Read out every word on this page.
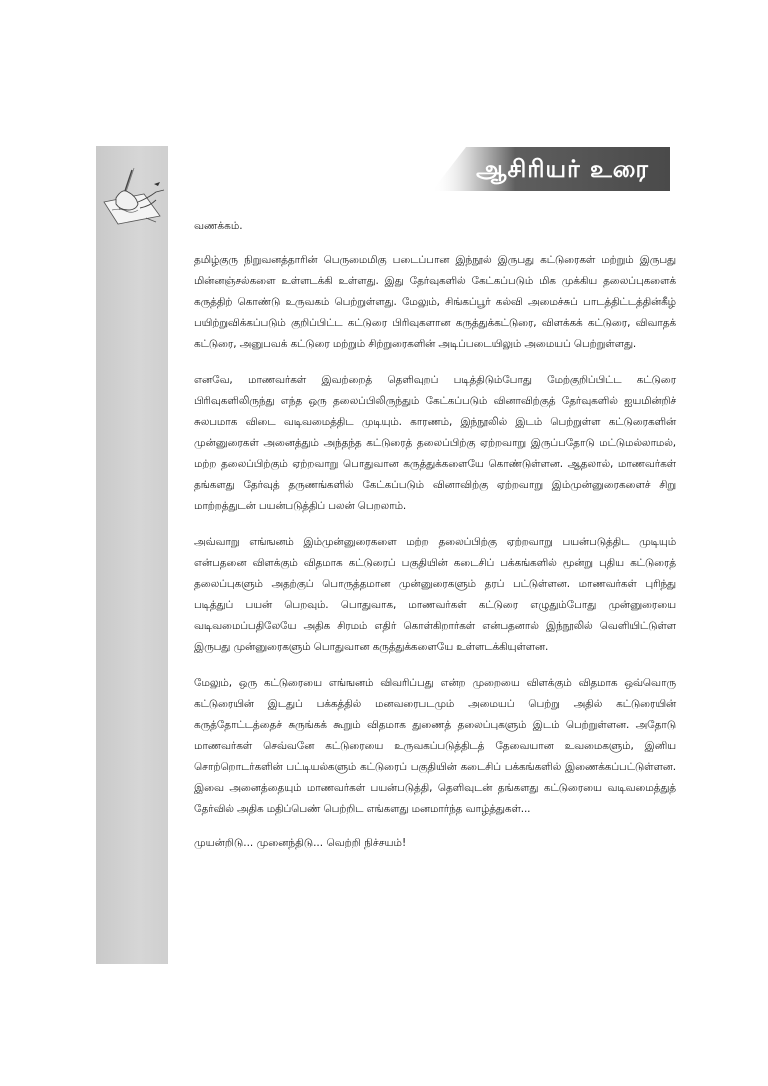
ஆசிரியர் உரை

வணக்கம்.

தமிழ்குரு நிறுவனத்தாரின் பெருமைமிகு படைப்பான இந்நூல் இருபது கட்டுரைகள் மற்றும் இருபது மின்னஞ்சல்களை உள்ளடக்கி உள்ளது. இது தேர்வுகளில் கேட்கப்படும் மிக முக்கிய தலைப்புகளைக் கருத்திற் கொண்டு உருவகம் பெற்றுள்ளது. மேலும், சிங்கப்பூர் கல்வி அமைச்சுப் பாடத்திட்டத்தின்கீழ் பயிற்றுவிக்கப்படும் குறிப்பிட்ட கட்டுரை பிரிவுகளான கருத்துக்கட்டுரை, விளக்கக் கட்டுரை, விவாதக் கட்டுரை, அனுபவக் கட்டுரை மற்றும் சிற்றுரைகளின் அடிப்படையிலும் அமையப் பெற்றுள்ளது.

எனவே, மாணவர்கள் இவற்றைத் தெளிவுறப் படித்திடும்போது மேற்குறிப்பிட்ட கட்டுரை பிரிவுகளிலிருந்து எந்த ஒரு தலைப்பிலிருந்தும் கேட்கப்படும் வினாவிற்குத் தேர்வுகளில் ஐயமின்றிச் சுலபமாக விடை வடிவமைத்திட முடியும். காரணம், இந்நூலில் இடம் பெற்றுள்ள கட்டுரைகளின் முன்னுரைகள் அனைத்தும் அந்தந்த கட்டுரைத் தலைப்பிற்கு ஏற்றவாறு இருப்பதோடு மட்டுமல்லாமல், மற்ற தலைப்பிற்கும் ஏற்றவாறு பொதுவான கருத்துக்களையே கொண்டுள்ளன. ஆதலால், மாணவர்கள் தங்களது தேர்வுத் தருணங்களில் கேட்கப்படும் வினாவிற்கு ஏற்றவாறு இம்முன்னுரைகளைச் சிறு மாற்றத்துடன் பயன்படுத்திப் பலன் பெறலாம்.

அவ்வாறு எங்ஙனம் இம்முன்னுரைகளை மற்ற தலைப்பிற்கு ஏற்றவாறு பயன்படுத்திட முடியும் என்பதனை விளக்கும் விதமாக கட்டுரைப் பகுதியின் கடைசிப் பக்கங்களில் மூன்று புதிய கட்டுரைத் தலைப்புகளும் அதற்குப் பொருத்தமான முன்னுரைகளும் தரப் பட்டுள்ளன. மாணவர்கள் புரிந்து படித்துப் பயன் பெறவும். பொதுவாக, மாணவர்கள் கட்டுரை எழுதும்போது முன்னுரையை வடிவமைப்பதிலேயே அதிக சிரமம் எதிர் கொள்கிறார்கள் என்பதனால் இந்நூலில் வெளியிட்டுள்ள இருபது முன்னுரைகளும் பொதுவான கருத்துக்களையே உள்ளடக்கியுள்ளன.

மேலும், ஒரு கட்டுரையை எங்ஙனம் விவரிப்பது என்ற முறையை விளக்கும் விதமாக ஒவ்வொரு கட்டுரையின் இடதுப் பக்கத்தில் மனவரைபடமும் அமையப் பெற்று அதில் கட்டுரையின் கருத்தோட்டத்தைச் சுருங்கக் கூறும் விதமாக துணைத் தலைப்புகளும் இடம் பெற்றுள்ளன. அதோடு மாணவர்கள் செவ்வனே கட்டுரையை உருவகப்படுத்திடத் தேவையான உவமைகளும், இனிய சொற்றொடர்களின் பட்டியல்களும் கட்டுரைப் பகுதியின் கடைசிப் பக்கங்களில் இணைக்கப்பட்டுள்ளன. இவை அனைத்தையும் மாணவர்கள் பயன்படுத்தி, தெளிவுடன் தங்களது கட்டுரையை வடிவமைத்துத் தேர்வில் அதிக மதிப்பெண் பெற்றிட எங்களது மனமார்ந்த வாழ்த்துகள்...

முயன்றிடு... முனைந்திடு... வெற்றி நிச்சயம்!
